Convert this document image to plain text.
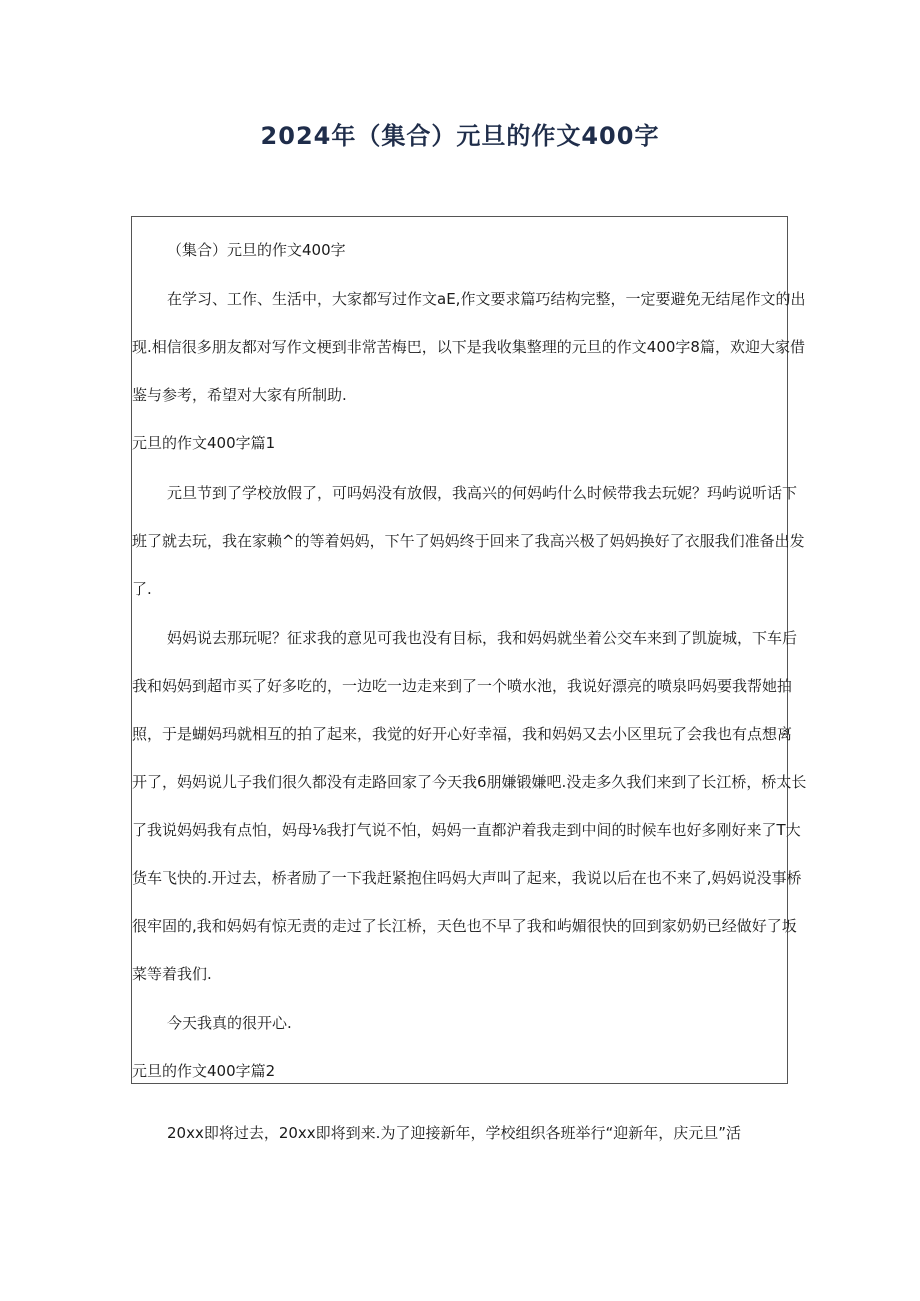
2024年（集合）元旦的作文400字

（集合）元旦的作文400字

在学习、工作、生活中，大家都写过作文aE,作文要求篇巧结构完整，一定要避免无结尾作文的出

现.相信很多朋友都对写作文梗到非常苦梅巴，以下是我收集整理的元旦的作文400字8篇，欢迎大家借

鉴与参考，希望对大家有所制助.

元旦的作文400字篇1

元旦节到了学校放假了，可吗妈没有放假，我高兴的何妈屿什么时候带我去玩妮？玛屿说听话下

班了就去玩，我在家赖^的等着妈妈，下午了妈妈终于回来了我高兴极了妈妈换好了衣服我们准备出发

了.

妈妈说去那玩呢？征求我的意见可我也没有目标，我和妈妈就坐着公交车来到了凯旋城，下车后

我和妈妈到超市买了好多吃的，一边吃一边走来到了一个喷水池，我说好漂亮的喷泉吗妈要我帮她拍

照，于是蝴妈玛就相互的拍了起来，我觉的好开心好幸福，我和妈妈又去小区里玩了会我也有点想离

开了，妈妈说儿子我们很久都没有走路回家了今天我6朋嫌锻嫌吧.没走多久我们来到了长江桥，桥太长

了我说妈妈我有点怕，妈母⅛我打气说不怕，妈妈一直都沪着我走到中间的时候车也好多刚好来了T大

货车飞快的.开过去，桥者励了一下我赶紧抱住吗妈大声叫了起来，我说以后在也不来了,妈妈说没事桥

很牢固的,我和妈妈有惊无责的走过了长江桥，天色也不早了我和屿媚很快的回到家奶奶已经做好了坂

菜等着我们.

今天我真的很开心.

元旦的作文400字篇2

20xx即将过去，20xx即将到来.为了迎接新年，学校组织各班举行“迎新年，庆元旦”活
